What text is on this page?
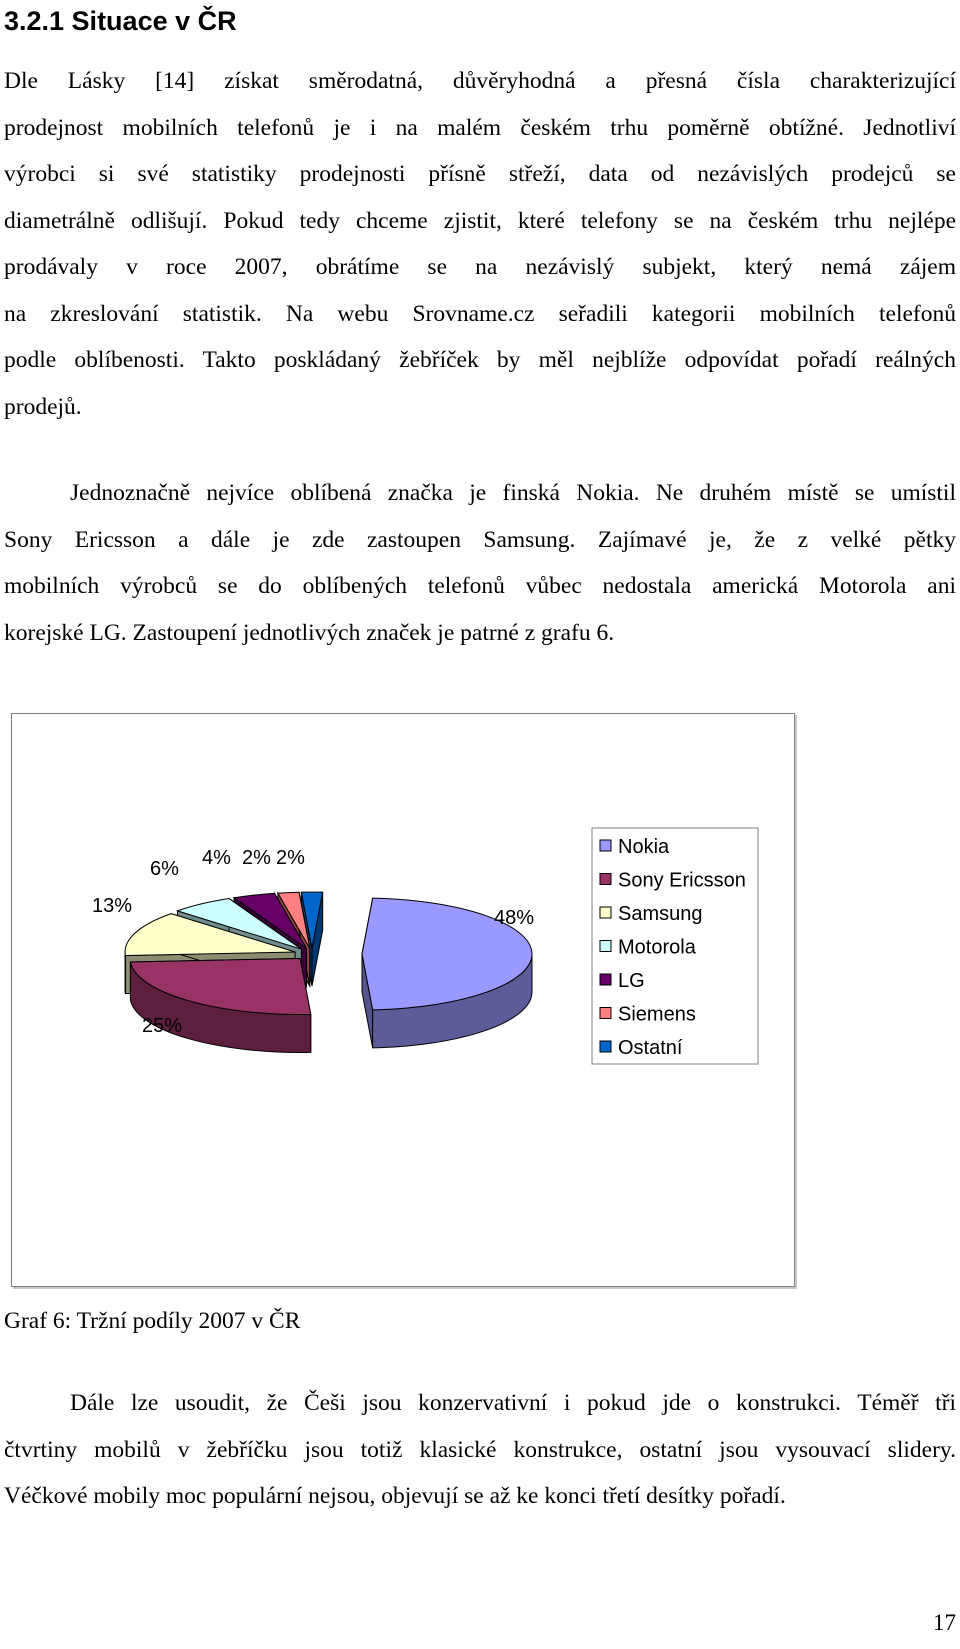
3.2.1 Situace v ČR
Dle Lásky [14] získat směrodatná, důvěryhodná a přesná čísla charakterizující
prodejnost mobilních telefonů je i na malém českém trhu poměrně obtížné. Jednotliví
výrobci si své statistiky prodejnosti přísně střeží, data od nezávislých prodejců se
diametrálně odlišují. Pokud tedy chceme zjistit, které telefony se na českém trhu nejlépe
prodávaly v roce 2007, obrátíme se na nezávislý subjekt, který nemá zájem
na zkreslování statistik. Na webu Srovname.cz seřadili kategorii mobilních telefonů
podle oblíbenosti. Takto poskládaný žebříček by měl nejblíže odpovídat pořadí reálných
prodejů.
Jednoznačně nejvíce oblíbená značka je finská Nokia. Ne druhém místě se umístil
Sony Ericsson a dále je zde zastoupen Samsung. Zajímavé je, že z velké pětky
mobilních výrobců se do oblíbených telefonů vůbec nedostala americká Motorola ani
korejské LG. Zastoupení jednotlivých značek je patrné z grafu 6.
48%
25%
13%
6% 4% 2% 2%	Nokia
Sony Ericsson
Samsung
Motorola
LG
Siemens
Ostatní

Graf 6: Tržní podíly 2007 v ČR

Dále lze usoudit, že Češi jsou konzervativní i pokud jde o konstrukci. Téměř tři
čtvrtiny mobilů v žebříčku jsou totiž klasické konstrukce, ostatní jsou vysouvací slidery.
Véčkové mobily moc populární nejsou, objevují se až ke konci třetí desítky pořadí.
17
